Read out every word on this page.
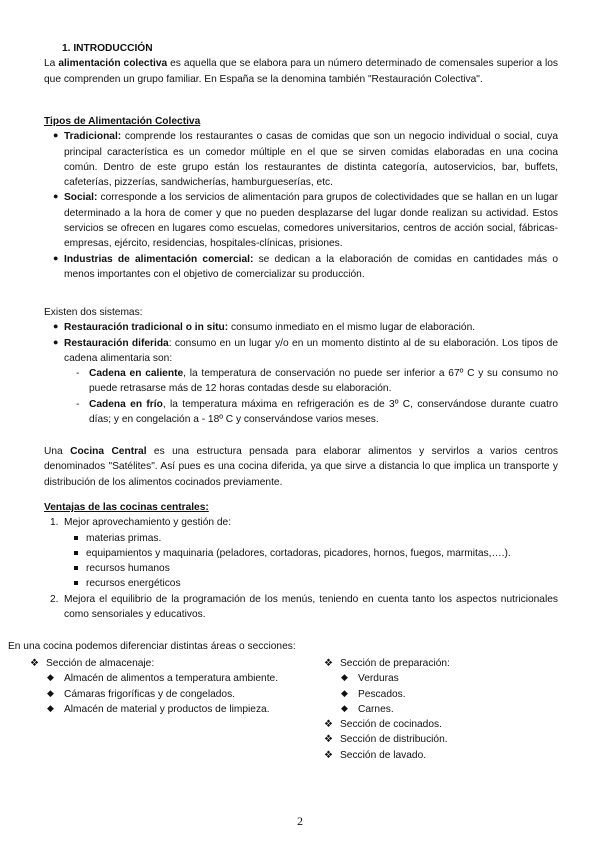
1. INTRODUCCIÓN
La alimentación colectiva es aquella que se elabora para un número determinado de comensales superior a los que comprenden un grupo familiar. En España se la denomina también "Restauración Colectiva".
Tipos de Alimentación Colectiva
● Tradicional: comprende los restaurantes o casas de comidas que son un negocio individual o social, cuya principal característica es un comedor múltiple en el que se sirven comidas elaboradas en una cocina común. Dentro de este grupo están los restaurantes de distinta categoría, autoservicios, bar, buffets, cafeterías, pizzerías, sandwicherías, hamburgueserías, etc.
● Social: corresponde a los servicios de alimentación para grupos de colectividades que se hallan en un lugar determinado a la hora de comer y que no pueden desplazarse del lugar donde realizan su actividad. Estos servicios se ofrecen en lugares como escuelas, comedores universitarios, centros de acción social, fábricas-empresas, ejército, residencias, hospitales-clínicas, prisiones.
● Industrias de alimentación comercial: se dedican a la elaboración de comidas en cantidades más o menos importantes con el objetivo de comercializar su producción.
Existen dos sistemas:
● Restauración tradicional o in situ: consumo inmediato en el mismo lugar de elaboración.
● Restauración diferida: consumo en un lugar y/o en un momento distinto al de su elaboración. Los tipos de cadena alimentaria son:
- Cadena en caliente, la temperatura de conservación no puede ser inferior a 67º C y su consumo no puede retrasarse más de 12 horas contadas desde su elaboración.
- Cadena en frío, la temperatura máxima en refrigeración es de 3º C, conservándose durante cuatro días; y en congelación a - 18º C y conservándose varios meses.
Una Cocina Central es una estructura pensada para elaborar alimentos y servirlos a varios centros denominados "Satélites". Así pues es una cocina diferida, ya que sirve a distancia lo que implica un transporte y distribución de los alimentos cocinados previamente.
Ventajas de las cocinas centrales:
1. Mejor aprovechamiento y gestión de:
materias primas.
equipamientos y maquinaria (peladores, cortadoras, picadores, hornos, fuegos, marmitas,….).
recursos humanos
recursos energéticos
2. Mejora el equilibrio de la programación de los menús, teniendo en cuenta tanto los aspectos nutricionales como sensoriales y educativos.
En una cocina podemos diferenciar distintas áreas o secciones:
❖ Sección de almacenaje:
◆ Almacén de alimentos a temperatura ambiente.
◆ Cámaras frigoríficas y de congelados.
◆ Almacén de material y productos de limpieza.
❖ Sección de preparación:
◆ Verduras
◆ Pescados.
◆ Carnes.
❖ Sección de cocinados.
❖ Sección de distribución.
❖ Sección de lavado.
2
